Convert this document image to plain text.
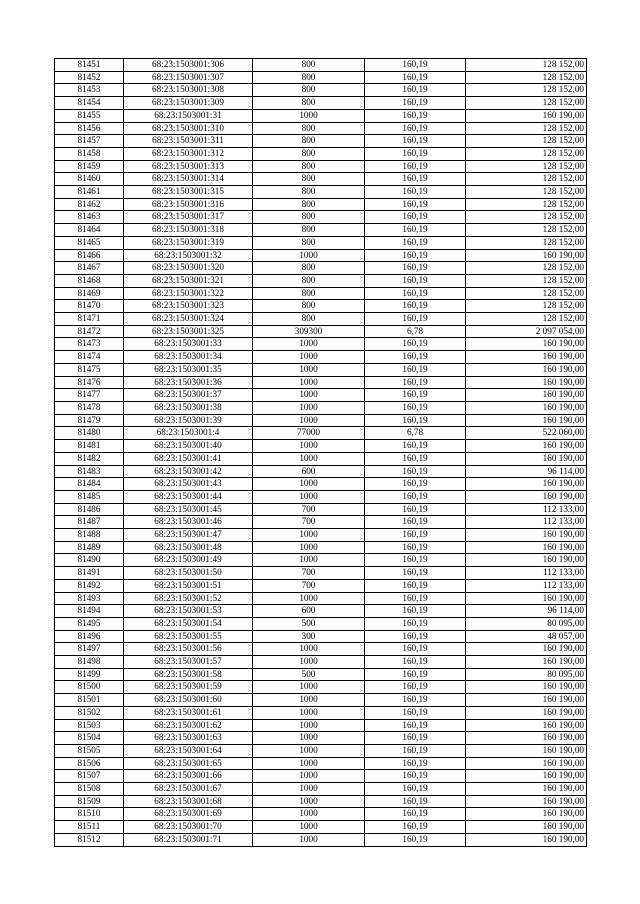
81451	68:23:1503001:306	800	160,19	128 152,00
81452	68:23:1503001:307	800	160,19	128 152,00
81453	68:23:1503001:308	800	160,19	128 152,00
81454	68:23:1503001:309	800	160,19	128 152,00
81455	68:23:1503001:31	1000	160,19	160 190,00
81456	68:23:1503001:310	800	160,19	128 152,00
81457	68:23:1503001:311	800	160,19	128 152,00
81458	68:23:1503001:312	800	160,19	128 152,00
81459	68:23:1503001:313	800	160,19	128 152,00
81460	68:23:1503001:314	800	160,19	128 152,00
81461	68:23:1503001:315	800	160,19	128 152,00
81462	68:23:1503001:316	800	160,19	128 152,00
81463	68:23:1503001:317	800	160,19	128 152,00
81464	68:23:1503001:318	800	160,19	128 152,00
81465	68:23:1503001:319	800	160,19	128 152,00
81466	68:23:1503001:32	1000	160,19	160 190,00
81467	68:23:1503001:320	800	160,19	128 152,00
81468	68:23:1503001:321	800	160,19	128 152,00
81469	68:23:1503001:322	800	160,19	128 152,00
81470	68:23:1503001:323	800	160,19	128 152,00
81471	68:23:1503001:324	800	160,19	128 152,00
81472	68:23:1503001:325	309300	6,78	2 097 054,00
81473	68:23:1503001:33	1000	160,19	160 190,00
81474	68:23:1503001:34	1000	160,19	160 190,00
81475	68:23:1503001:35	1000	160,19	160 190,00
81476	68:23:1503001:36	1000	160,19	160 190,00
81477	68:23:1503001:37	1000	160,19	160 190,00
81478	68:23:1503001:38	1000	160,19	160 190,00
81479	68:23:1503001:39	1000	160,19	160 190,00
81480	68:23:1503001:4	77000	6,78	522 060,00
81481	68:23:1503001:40	1000	160,19	160 190,00
81482	68:23:1503001:41	1000	160,19	160 190,00
81483	68:23:1503001:42	600	160,19	96 114,00
81484	68:23:1503001:43	1000	160,19	160 190,00
81485	68:23:1503001:44	1000	160,19	160 190,00
81486	68:23:1503001:45	700	160,19	112 133,00
81487	68:23:1503001:46	700	160,19	112 133,00
81488	68:23:1503001:47	1000	160,19	160 190,00
81489	68:23:1503001:48	1000	160,19	160 190,00
81490	68:23:1503001:49	1000	160,19	160 190,00
81491	68:23:1503001:50	700	160,19	112 133,00
81492	68:23:1503001:51	700	160,19	112 133,00
81493	68:23:1503001:52	1000	160,19	160 190,00
81494	68:23:1503001:53	600	160,19	96 114,00
81495	68:23:1503001:54	500	160,19	80 095,00
81496	68:23:1503001:55	300	160,19	48 057,00
81497	68:23:1503001:56	1000	160,19	160 190,00
81498	68:23:1503001:57	1000	160,19	160 190,00
81499	68:23:1503001:58	500	160,19	80 095,00
81500	68:23:1503001:59	1000	160,19	160 190,00
81501	68:23:1503001:60	1000	160,19	160 190,00
81502	68:23:1503001:61	1000	160,19	160 190,00
81503	68:23:1503001:62	1000	160,19	160 190,00
81504	68:23:1503001:63	1000	160,19	160 190,00
81505	68:23:1503001:64	1000	160,19	160 190,00
81506	68:23:1503001:65	1000	160,19	160 190,00
81507	68:23:1503001:66	1000	160,19	160 190,00
81508	68:23:1503001:67	1000	160,19	160 190,00
81509	68:23:1503001:68	1000	160,19	160 190,00
81510	68:23:1503001:69	1000	160,19	160 190,00
81511	68:23:1503001:70	1000	160,19	160 190,00
81512	68:23:1503001:71	1000	160,19	160 190,00
